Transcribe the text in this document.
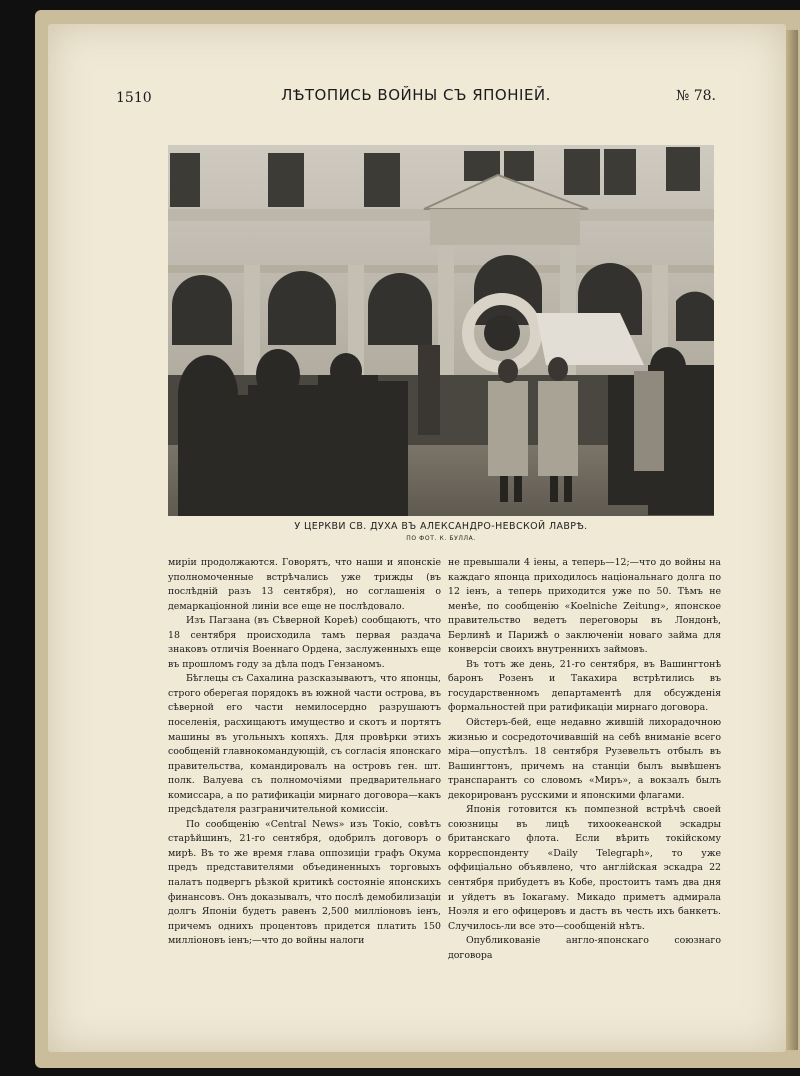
1510	ЛѢТОПИСЬ ВОЙНЫ СЪ ЯПОНІЕЙ.	№ 78.
У ЦЕРКВИ СВ. ДУХА ВЪ АЛЕКСАНДРО-НЕВСКОЙ ЛАВРѢ.
ПО ФОТ. К. БУЛЛА.

миріи продолжаются. Говорятъ, что наши и японскіе уполномоченные встрѣчались уже трижды (въ послѣдній разъ 13 сентября), но соглашенія о демаркаціонной линіи все еще не послѣдовало.

Изъ Пагзана (въ Сѣверной Кореѣ) сообщаютъ, что 18 сентября происходила тамъ первая раздача знаковъ отличія Военнаго Ордена, заслуженныхъ еще въ прошломъ году за дѣла подъ Гензаномъ.

Бѣглецы съ Сахалина разсказываютъ, что японцы, строго оберегая порядокъ въ южной части острова, въ сѣверной его части немилосердно разрушаютъ поселенія, расхищаютъ имущество и скотъ и портятъ машины въ угольныхъ копяхъ. Для провѣрки этихъ сообщеній главнокомандующій, съ согласія японскаго правительства, командировалъ на островъ ген. шт. полк. Валуева съ полномочіями предварительнаго комиссара, а по ратификаціи мирнаго договора—какъ предсѣдателя разграничительной комиссіи.

По сообщенію «Central News» изъ Токіо, совѣтъ старѣйшинъ, 21-го сентября, одобрилъ договоръ о мирѣ. Въ то же время глава оппозиціи графъ Окума предъ представителями объединенныхъ торговыхъ палатъ подвергъ рѣзкой критикѣ состояніе японскихъ финансовъ. Онъ доказывалъ, что послѣ демобилизаціи долгъ Японіи будетъ равенъ 2,500 милліоновъ іенъ, причемъ однихъ процентовъ придется платить 150 милліоновъ іенъ;—что до войны налоги

не превышали 4 іены, а теперь—12;—что до войны на каждаго японца приходилось національнаго долга по 12 іенъ, а теперь приходится уже по 50. Тѣмъ не менѣе, по сообщенію «Koelniche Zeitung», японское правительство ведетъ переговоры въ Лондонѣ, Берлинѣ и Парижѣ о заключеніи новаго займа для конверсіи своихъ внутреннихъ займовъ.

Въ тотъ же день, 21-го сентября, въ Вашингтонѣ баронъ Розенъ и Такахира встрѣтились въ государственномъ департаментѣ для обсужденія формальностей при ратификаціи мирнаго договора.

Ойстеръ-бей, еще недавно жившій лихорадочною жизнью и сосредоточивавшій на себѣ вниманіе всего міра—опустѣлъ. 18 сентября Рузевельтъ отбылъ въ Вашингтонъ, причемъ на станціи былъ вывѣшенъ транспарантъ со словомъ «Миръ», а вокзалъ былъ декорированъ русскими и японскими флагами.

Японія готовится къ помпезной встрѣчѣ своей союзницы въ лицѣ тихоокеанской эскадры британскаго флота. Если вѣрить токійскому корреспонденту «Daily Telegraph», то уже оффиціально объявлено, что англійская эскадра 22 сентября прибудетъ въ Кобе, простоитъ тамъ два дня и уйдетъ въ Іокагаму. Микадо приметъ адмирала Ноэля и его офицеровъ и дастъ въ честь ихъ банкетъ. Случилось-ли все это—сообщеній нѣтъ.

Опубликованіе англо-японскаго союзнаго договора
